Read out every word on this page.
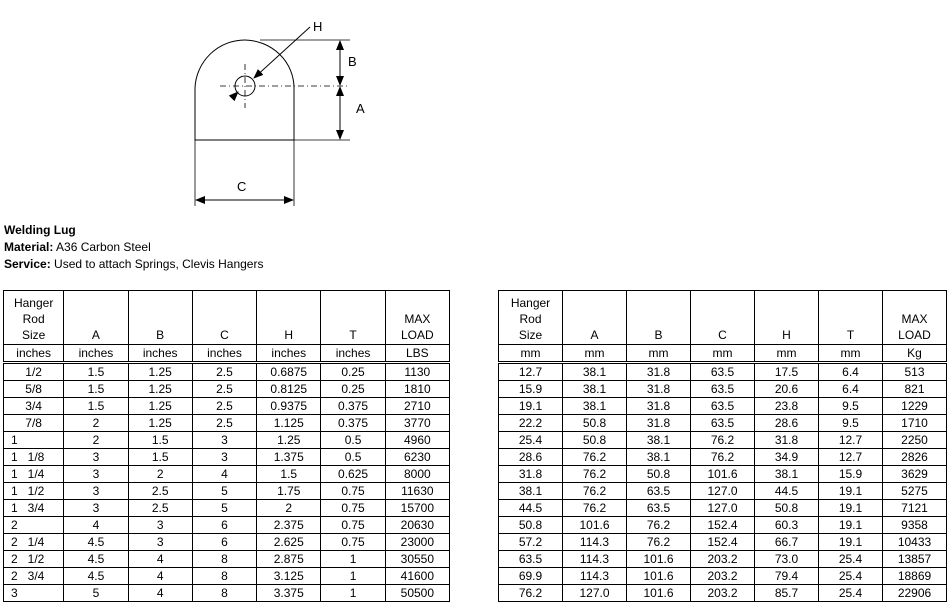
H
B
A
C
Welding Lug
Material: A36 Carbon Steel
Service: Used to attach Springs, Clevis Hangers
Hanger
Rod
Size	A	B	C	H	T	MAX
LOAD
inches	inches	inches	inches	inches	inches	LBS
1/2	1.5	1.25	2.5	0.6875	0.25	1130
5/8	1.5	1.25	2.5	0.8125	0.25	1810
3/4	1.5	1.25	2.5	0.9375	0.375	2710
7/8	2	1.25	2.5	1.125	0.375	3770
1	2	1.5	3	1.25	0.5	4960
1   1/8	3	1.5	3	1.375	0.5	6230
1   1/4	3	2	4	1.5	0.625	8000
1   1/2	3	2.5	5	1.75	0.75	11630
1   3/4	3	2.5	5	2	0.75	15700
2	4	3	6	2.375	0.75	20630
2   1/4	4.5	3	6	2.625	0.75	23000
2   1/2	4.5	4	8	2.875	1	30550
2   3/4	4.5	4	8	3.125	1	41600
3	5	4	8	3.375	1	50500
Hanger
Rod
Size	A	B	C	H	T	MAX
LOAD
mm	mm	mm	mm	mm	mm	Kg
12.7	38.1	31.8	63.5	17.5	6.4	513
15.9	38.1	31.8	63.5	20.6	6.4	821
19.1	38.1	31.8	63.5	23.8	9.5	1229
22.2	50.8	31.8	63.5	28.6	9.5	1710
25.4	50.8	38.1	76.2	31.8	12.7	2250
28.6	76.2	38.1	76.2	34.9	12.7	2826
31.8	76.2	50.8	101.6	38.1	15.9	3629
38.1	76.2	63.5	127.0	44.5	19.1	5275
44.5	76.2	63.5	127.0	50.8	19.1	7121
50.8	101.6	76.2	152.4	60.3	19.1	9358
57.2	114.3	76.2	152.4	66.7	19.1	10433
63.5	114.3	101.6	203.2	73.0	25.4	13857
69.9	114.3	101.6	203.2	79.4	25.4	18869
76.2	127.0	101.6	203.2	85.7	25.4	22906
